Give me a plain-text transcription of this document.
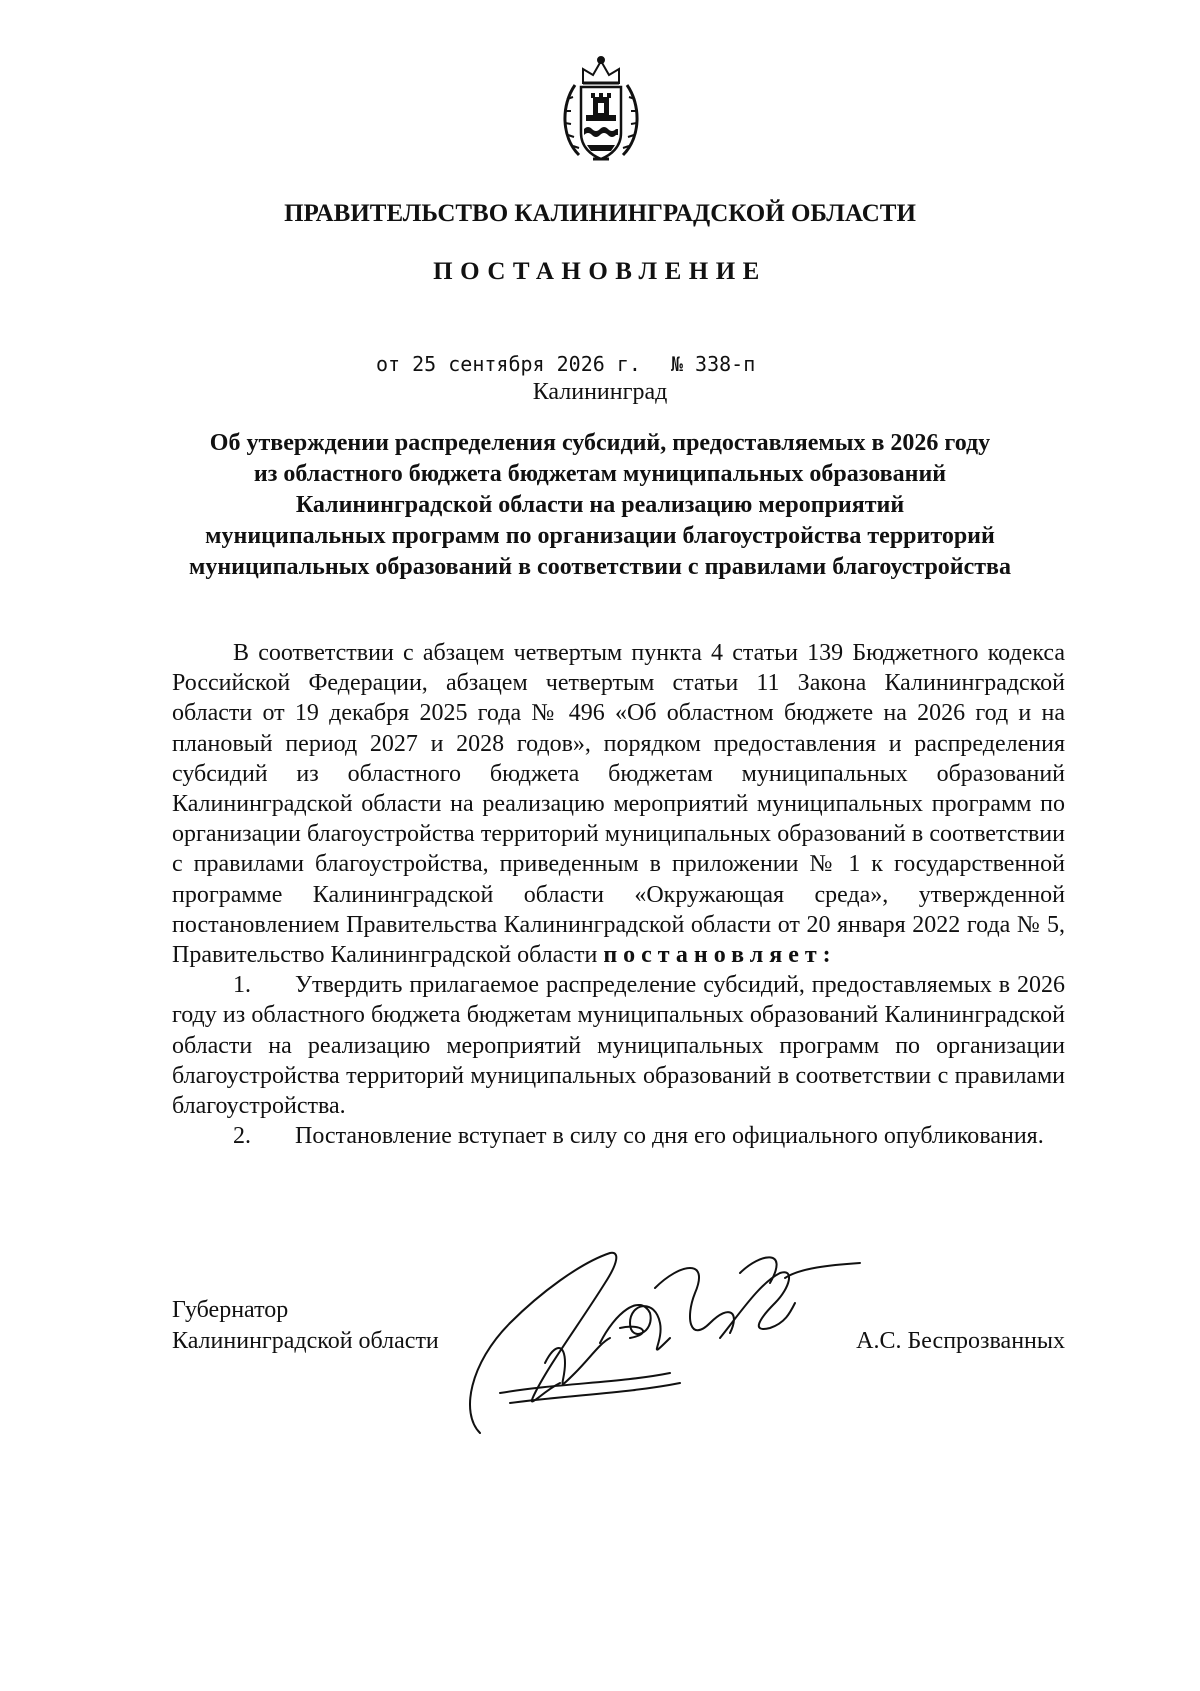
ПРАВИТЕЛЬСТВО КАЛИНИНГРАДСКОЙ ОБЛАСТИ
ПОСТАНОВЛЕНИЕ
от 25 сентября 2026 г. № 338-п
Калининград
Об утверждении распределения субсидий, предоставляемых в 2026 году
из областного бюджета бюджетам муниципальных образований
Калининградской области на реализацию мероприятий
муниципальных программ по организации благоустройства территорий
муниципальных образований в соответствии с правилами благоустройства

В соответствии с абзацем четвертым пункта 4 статьи 139 Бюджетного кодекса Российской Федерации, абзацем четвертым статьи 11 Закона Калининградской области от 19 декабря 2025 года № 496 «Об областном бюджете на 2026 год и на плановый период 2027 и 2028 годов», порядком предоставления и распределения субсидий из областного бюджета бюджетам муниципальных образований Калининградской области на реализацию мероприятий муниципальных программ по организации благоустройства территорий муниципальных образований в соответствии с правилами благоустройства, приведенным в приложении № 1 к государственной программе Калининградской области «Окружающая среда», утвержденной постановлением Правительства Калининградской области от 20 января 2022 года № 5, Правительство Калининградской области постановляет:

1. Утвердить прилагаемое распределение субсидий, предоставляемых в 2026 году из областного бюджета бюджетам муниципальных образований Калининградской области на реализацию мероприятий муниципальных программ по организации благоустройства территорий муниципальных образований в соответствии с правилами благоустройства.

2. Постановление вступает в силу со дня его официального опубликования.

Губернатор
Калининградской области	А.С. Беспрозванных
